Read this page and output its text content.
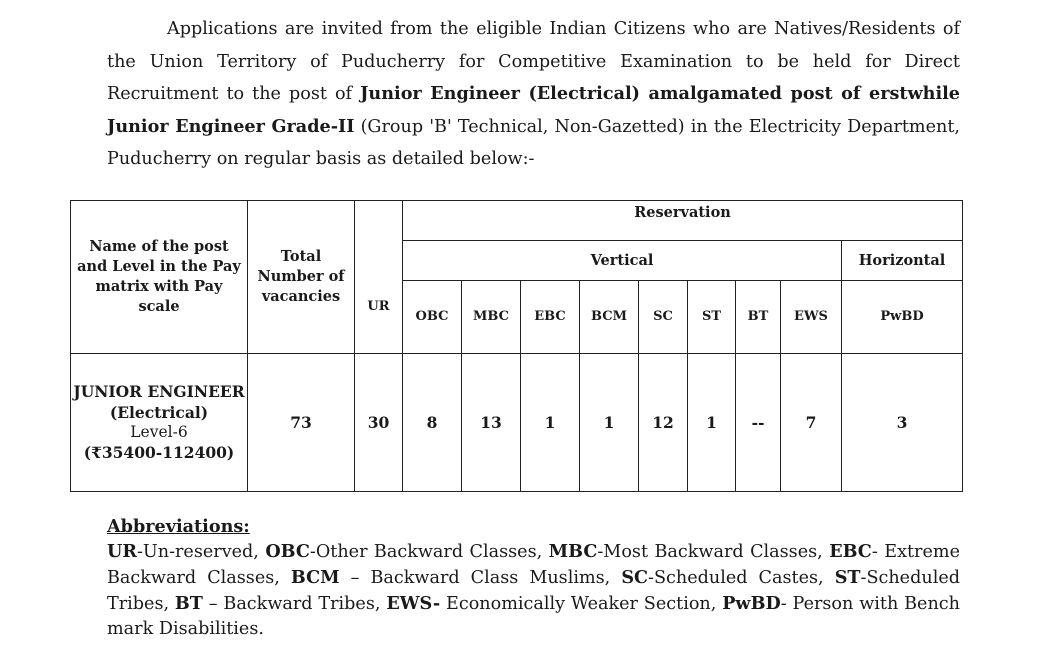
Applications are invited from the eligible Indian Citizens who are Natives/Residents of the Union Territory of Puducherry for Competitive Examination to be held for Direct Recruitment to the post of Junior Engineer (Electrical) amalgamated post of erstwhile Junior Engineer Grade-II (Group 'B' Technical, Non-Gazetted) in the Electricity Department, Puducherry on regular basis as detailed below:-
Name of the post and Level in the Pay matrix with Pay scale	Total Number of vacancies	UR	Reservation								
			Vertical								Horizontal
			OBC	MBC	EBC	BCM	SC	ST	BT	EWS	PwBD
JUNIOR ENGINEER
(Electrical)
Level-6
(₹35400-112400)	73	30	8	13	1	1	12	1	--	7	3
Abbreviations:
UR-Un-reserved, OBC-Other Backward Classes, MBC-Most Backward Classes, EBC- Extreme Backward Classes, BCM – Backward Class Muslims, SC-Scheduled Castes, ST-Scheduled Tribes, BT – Backward Tribes, EWS- Economically Weaker Section, PwBD- Person with Bench mark Disabilities.
